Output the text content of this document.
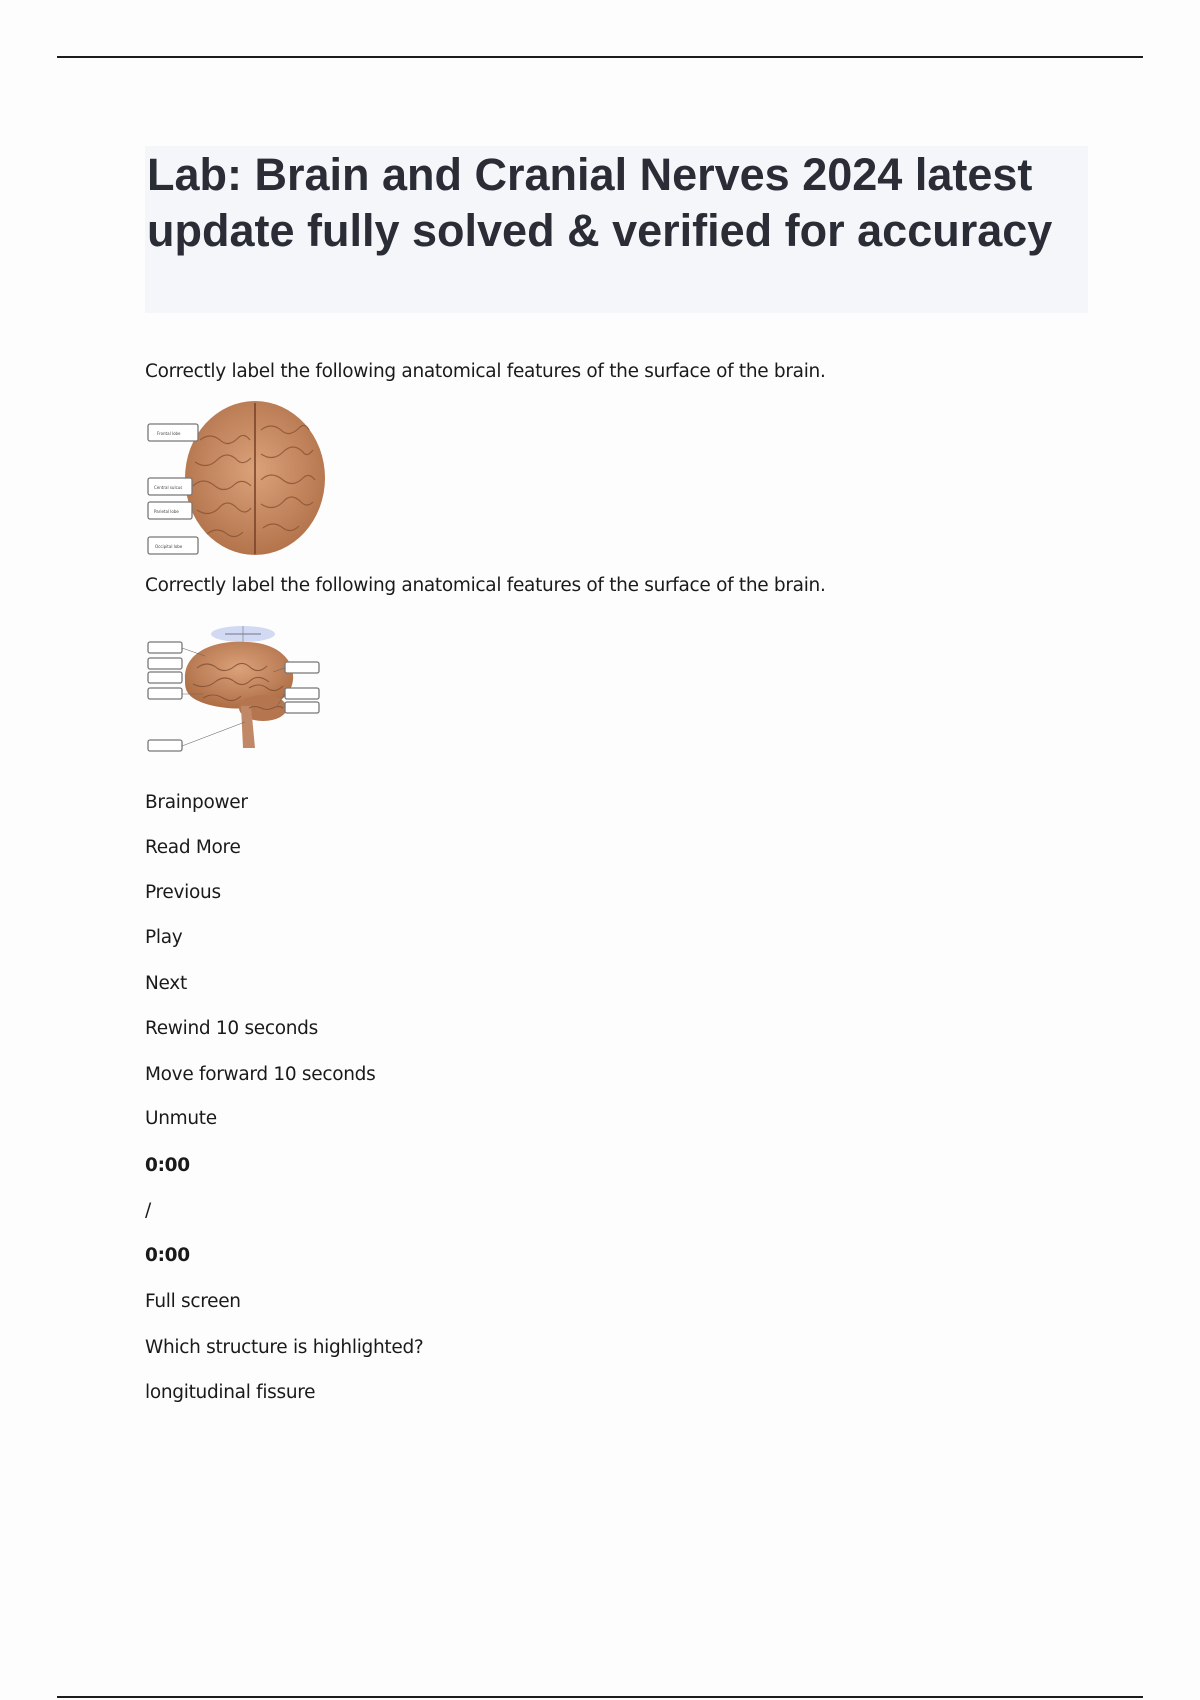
Lab: Brain and Cranial Nerves 2024 latest update fully solved & verified for accuracy
Correctly label the following anatomical features of the surface of the brain.
Frontal lobe
Central sulcus
Parietal lobe
Occipital lobe
Correctly label the following anatomical features of the surface of the brain.
Brainpower
Read More
Previous
Play
Next
Rewind 10 seconds
Move forward 10 seconds
Unmute
0:00
/
0:00
Full screen
Which structure is highlighted?
longitudinal fissure
